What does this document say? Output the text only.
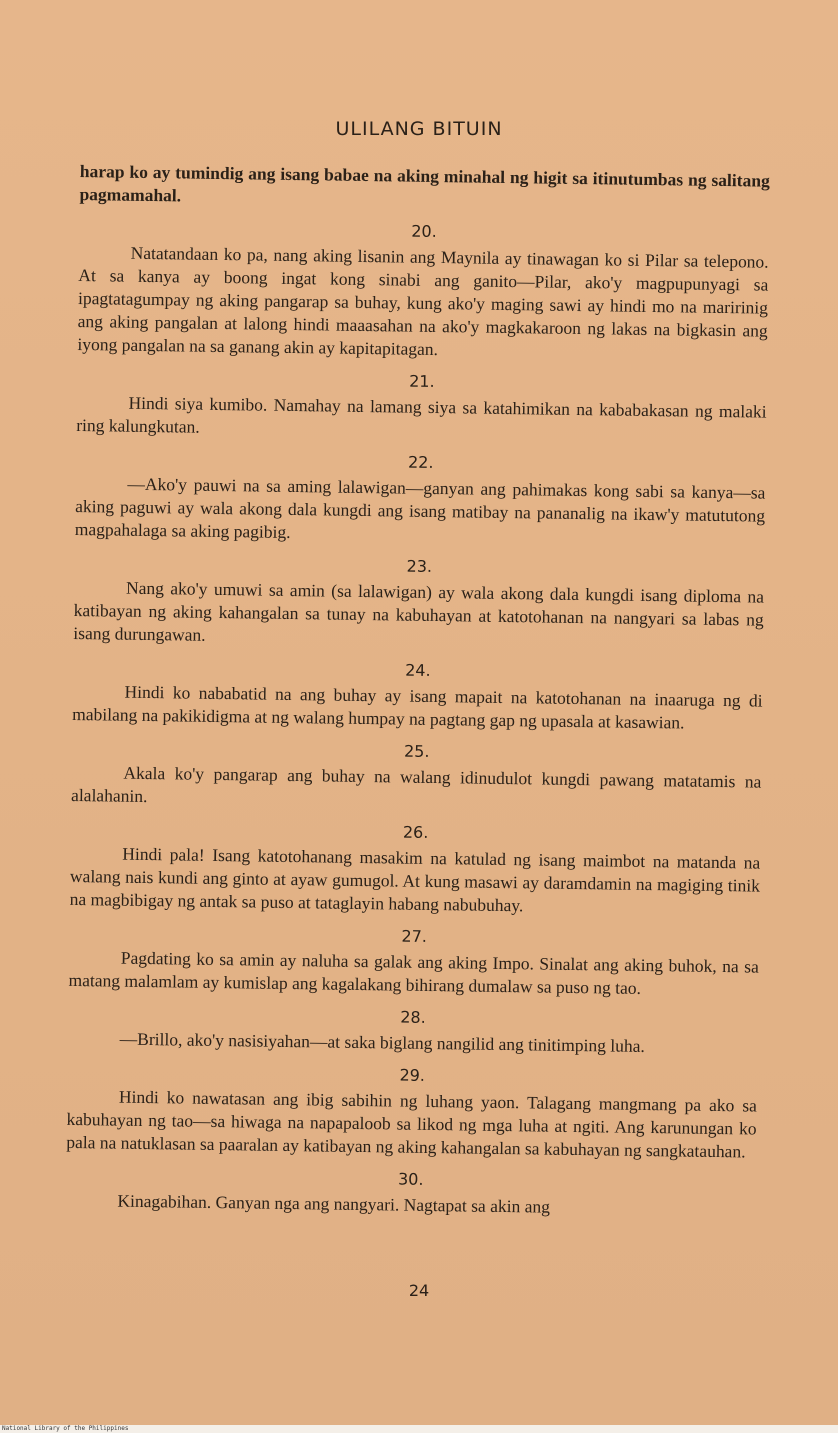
ULILANG BITUIN
harap ko ay tumindig ang isang babae na aking minahal ng higit sa itinutumbas ng salitang pagmamahal.
20.
Natatandaan ko pa, nang aking lisanin ang Maynila ay tinawagan ko si Pilar sa telepono. At sa kanya ay boong ingat kong sinabi ang ganito—Pilar, ako'y magpupunyagi sa ipagtatagumpay ng aking pangarap sa buhay, kung ako'y maging sawi ay hindi mo na maririnig ang aking pangalan at lalong hindi maaasahan na ako'y magkakaroon ng lakas na bigkasin ang iyong pangalan na sa ganang akin ay kapitapitagan.
21.
Hindi siya kumibo. Namahay na lamang siya sa katahimikan na kababakasan ng malaki ring kalungkutan.
22.
—Ako'y pauwi na sa aming lalawigan—ganyan ang pahimakas kong sabi sa kanya—sa aking paguwi ay wala akong dala kungdi ang isang matibay na pananalig na ikaw'y matututong magpahalaga sa aking pagibig.
23.
Nang ako'y umuwi sa amin (sa lalawigan) ay wala akong dala kungdi isang diploma na katibayan ng aking kahangalan sa tunay na kabuhayan at katotohanan na nangyari sa labas ng isang durungawan.
24.
Hindi ko nababatid na ang buhay ay isang mapait na katotohanan na inaaruga ng di mabilang na pakikidigma at ng walang humpay na pagtang gap ng upasala at kasawian.
25.
Akala ko'y pangarap ang buhay na walang idinudulot kungdi pawang matatamis na alalahanin.
26.
Hindi pala! Isang katotohanang masakim na katulad ng isang maimbot na matanda na walang nais kundi ang ginto at ayaw gumugol. At kung masawi ay daramdamin na magiging tinik na magbibigay ng antak sa puso at tataglayin habang nabubuhay.
27.
Pagdating ko sa amin ay naluha sa galak ang aking Impo. Sinalat ang aking buhok, na sa matang malamlam ay kumislap ang kagalakang bihirang dumalaw sa puso ng tao.
28.
—Brillo, ako'y nasisiyahan—at saka biglang nangilid ang tinitimping luha.
29.
Hindi ko nawatasan ang ibig sabihin ng luhang yaon. Talagang mangmang pa ako sa kabuhayan ng tao—sa hiwaga na napapaloob sa likod ng mga luha at ngiti. Ang karunungan ko pala na natuklasan sa paaralan ay katibayan ng aking kahangalan sa kabuhayan ng sangkatauhan.
30.
Kinagabihan. Ganyan nga ang nangyari. Nagtapat sa akin ang
24
National Library of the Philippines
